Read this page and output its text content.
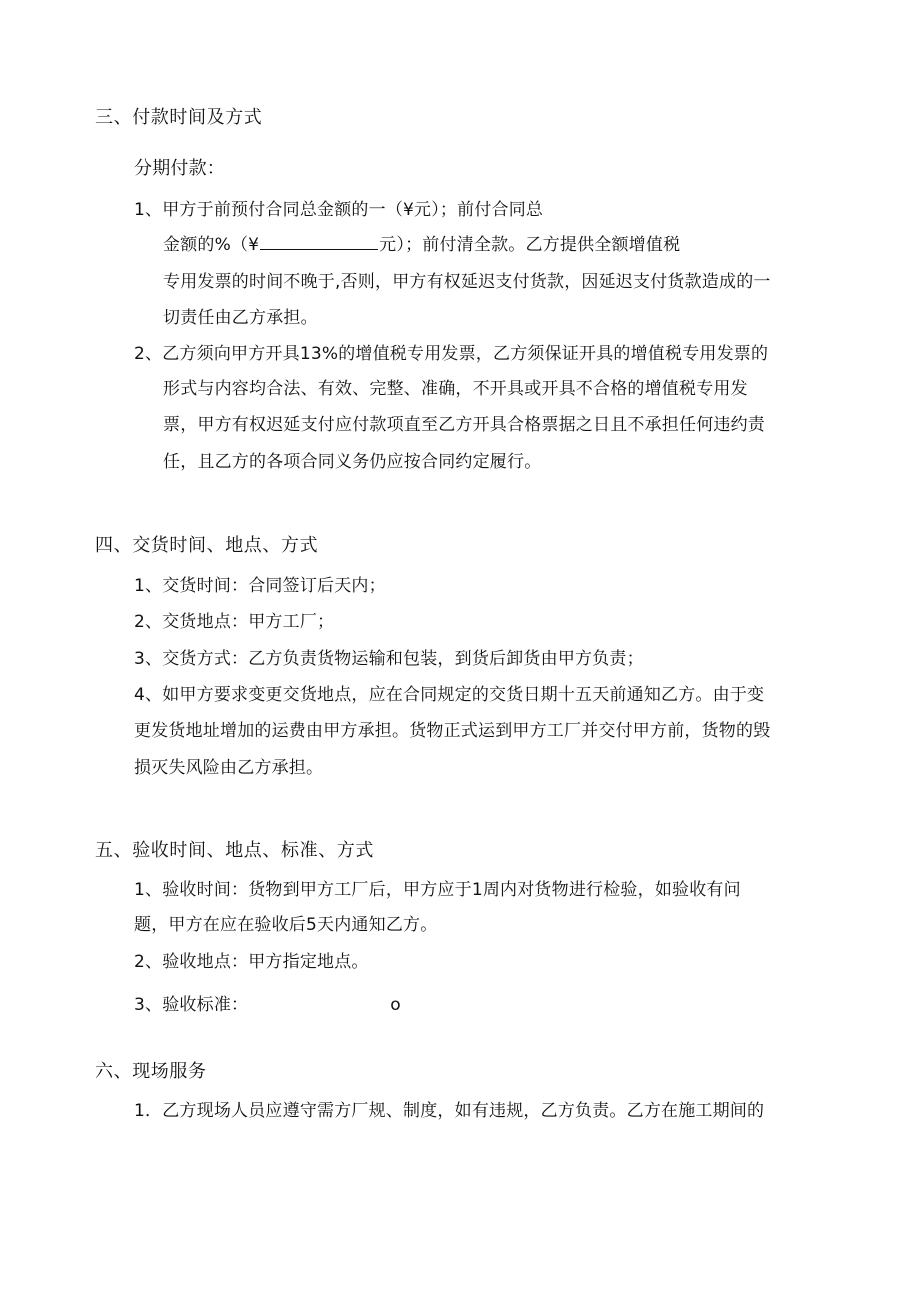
三、付款时间及方式
分期付款：
1、甲方于前预付合同总金额的一（¥元）；前付合同总
金额的%（¥	元）；前付清全款。乙方提供全额增值税
专用发票的时间不晚于,否则，甲方有权延迟支付货款，因延迟支付货款造成的一
切责任由乙方承担。
2、乙方须向甲方开具13%的增值税专用发票，乙方须保证开具的增值税专用发票的
形式与内容均合法、有效、完整、准确，不开具或开具不合格的增值税专用发
票，甲方有权迟延支付应付款项直至乙方开具合格票据之日且不承担任何违约责
任，且乙方的各项合同义务仍应按合同约定履行。
四、交货时间、地点、方式
1、交货时间：合同签订后天内；
2、交货地点：甲方工厂；
3、交货方式：乙方负责货物运输和包装，到货后卸货由甲方负责；
4、如甲方要求变更交货地点，应在合同规定的交货日期十五天前通知乙方。由于变
更发货地址增加的运费由甲方承担。货物正式运到甲方工厂并交付甲方前，货物的毁
损灭失风险由乙方承担。
五、验收时间、地点、标准、方式
1、验收时间：货物到甲方工厂后，甲方应于1周内对货物进行检验，如验收有问
题，甲方在应在验收后5天内通知乙方。
2、验收地点：甲方指定地点。
3、验收标准：	o
六、现场服务
1．乙方现场人员应遵守需方厂规、制度，如有违规，乙方负责。乙方在施工期间的
